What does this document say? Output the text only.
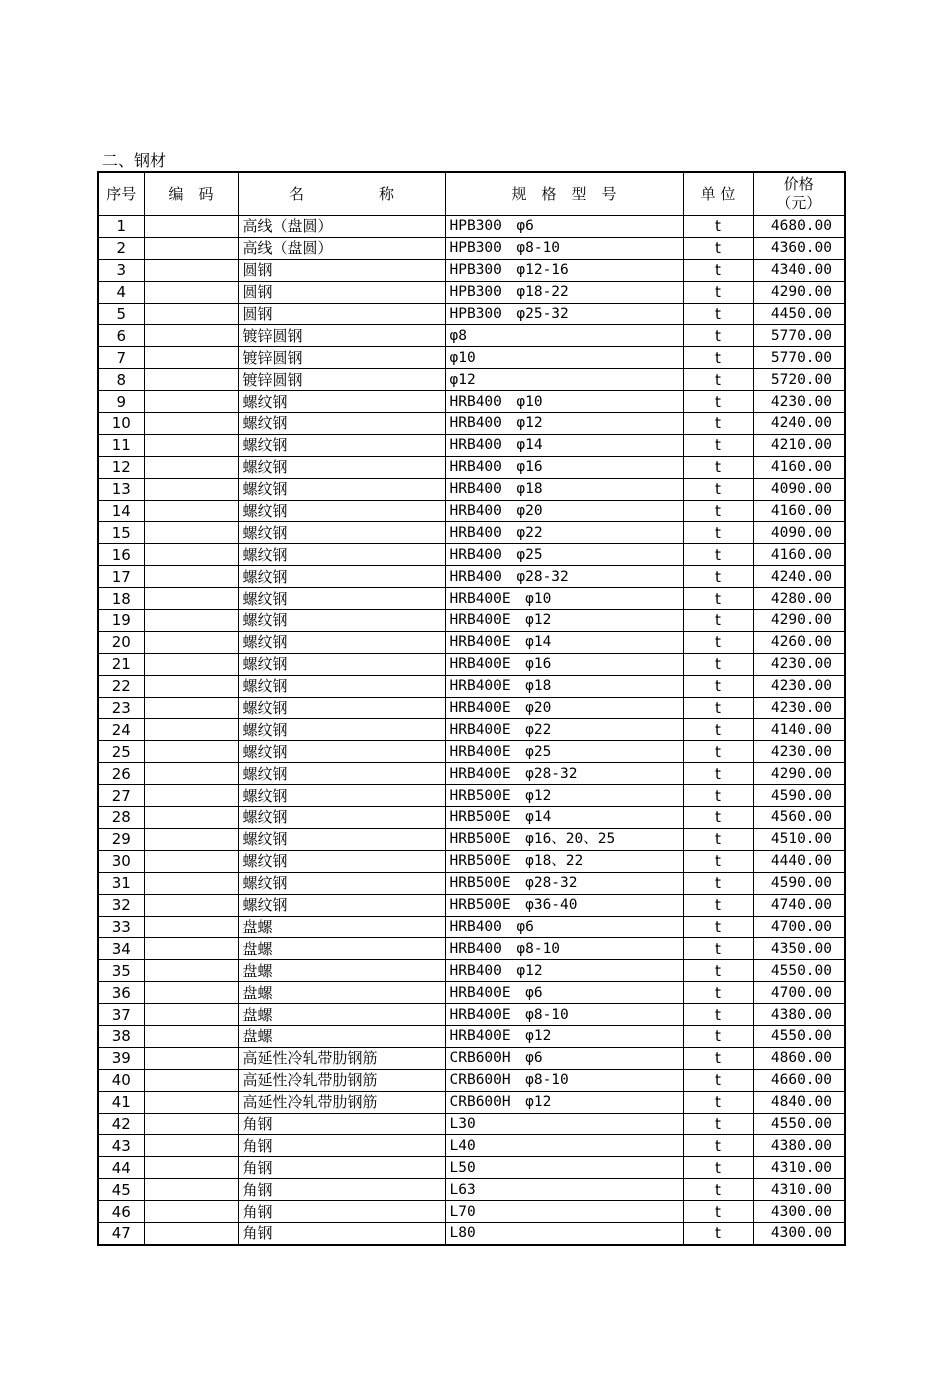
二、钢材
序号	编　码	名　　　　　称	规　格　型　号	单 位	价格
（元）

1		高线（盘圆）	HPB300　φ6	t	4680.00
2		高线（盘圆）	HPB300　φ8-10	t	4360.00
3		圆钢	HPB300　φ12-16	t	4340.00
4		圆钢	HPB300　φ18-22	t	4290.00
5		圆钢	HPB300　φ25-32	t	4450.00
6		镀锌圆钢	φ8	t	5770.00
7		镀锌圆钢	φ10	t	5770.00
8		镀锌圆钢	φ12	t	5720.00
9		螺纹钢	HRB400　φ10	t	4230.00
10		螺纹钢	HRB400　φ12	t	4240.00
11		螺纹钢	HRB400　φ14	t	4210.00
12		螺纹钢	HRB400　φ16	t	4160.00
13		螺纹钢	HRB400　φ18	t	4090.00
14		螺纹钢	HRB400　φ20	t	4160.00
15		螺纹钢	HRB400　φ22	t	4090.00
16		螺纹钢	HRB400　φ25	t	4160.00
17		螺纹钢	HRB400　φ28-32	t	4240.00
18		螺纹钢	HRB400E　φ10	t	4280.00
19		螺纹钢	HRB400E　φ12	t	4290.00
20		螺纹钢	HRB400E　φ14	t	4260.00
21		螺纹钢	HRB400E　φ16	t	4230.00
22		螺纹钢	HRB400E　φ18	t	4230.00
23		螺纹钢	HRB400E　φ20	t	4230.00
24		螺纹钢	HRB400E　φ22	t	4140.00
25		螺纹钢	HRB400E　φ25	t	4230.00
26		螺纹钢	HRB400E　φ28-32	t	4290.00
27		螺纹钢	HRB500E　φ12	t	4590.00
28		螺纹钢	HRB500E　φ14	t	4560.00
29		螺纹钢	HRB500E　φ16、20、25	t	4510.00
30		螺纹钢	HRB500E　φ18、22	t	4440.00
31		螺纹钢	HRB500E　φ28-32	t	4590.00
32		螺纹钢	HRB500E　φ36-40	t	4740.00
33		盘螺	HRB400　φ6	t	4700.00
34		盘螺	HRB400　φ8-10	t	4350.00
35		盘螺	HRB400　φ12	t	4550.00
36		盘螺	HRB400E　φ6	t	4700.00
37		盘螺	HRB400E　φ8-10	t	4380.00
38		盘螺	HRB400E　φ12	t	4550.00
39		高延性冷轧带肋钢筋	CRB600H　φ6	t	4860.00
40		高延性冷轧带肋钢筋	CRB600H　φ8-10	t	4660.00
41		高延性冷轧带肋钢筋	CRB600H　φ12	t	4840.00
42		角钢	L30	t	4550.00
43		角钢	L40	t	4380.00
44		角钢	L50	t	4310.00
45		角钢	L63	t	4310.00
46		角钢	L70	t	4300.00
47		角钢	L80	t	4300.00
